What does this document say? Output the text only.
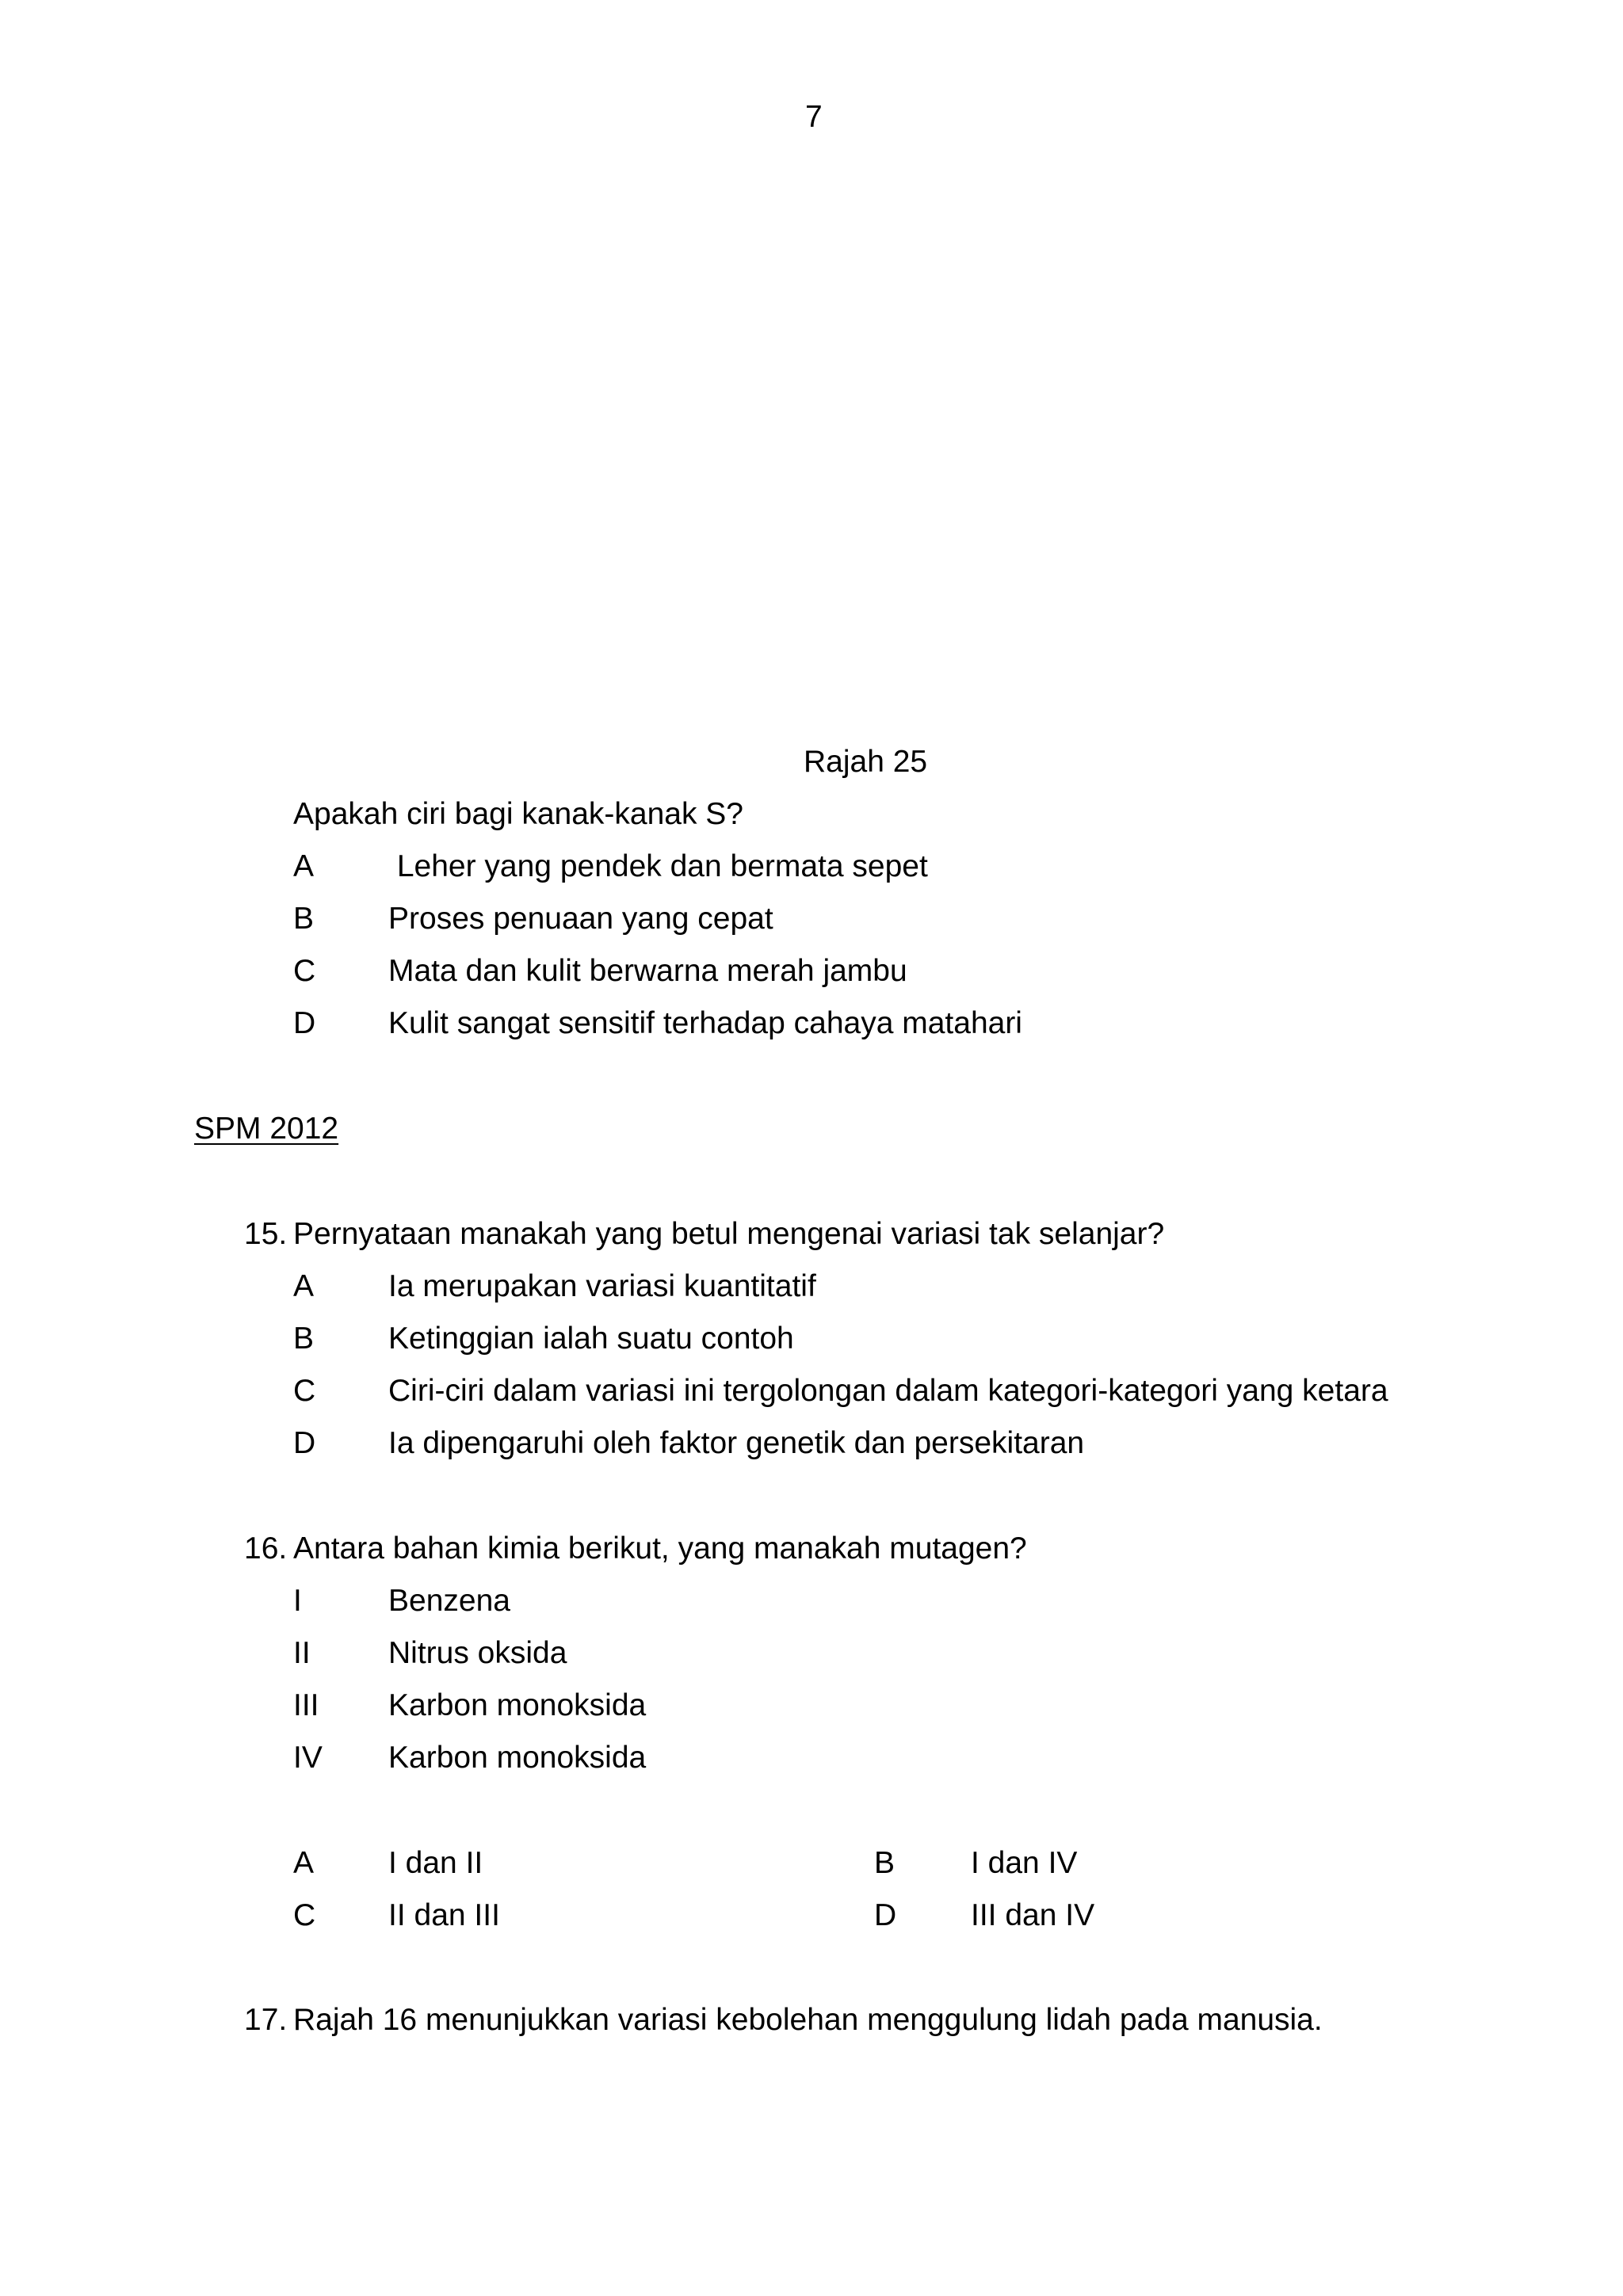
7
Rajah 25
Apakah ciri bagi kanak-kanak S?
A Leher yang pendek dan bermata sepet
B Proses penuaan yang cepat
C Mata dan kulit berwarna merah jambu
D Kulit sangat sensitif terhadap cahaya matahari
SPM 2012
15. Pernyataan manakah yang betul mengenai variasi tak selanjar?
A Ia merupakan variasi kuantitatif
B Ketinggian ialah suatu contoh
C Ciri-ciri dalam variasi ini tergolongan dalam kategori-kategori yang ketara
D Ia dipengaruhi oleh faktor genetik dan persekitaran
16. Antara bahan kimia berikut, yang manakah mutagen?
I	Benzena
II	Nitrus oksida
III Karbon monoksida
IV Karbon monoksida
A I dan II	B I dan IV
C II dan III	D III dan IV
17. Rajah 16 menunjukkan variasi kebolehan menggulung lidah pada manusia.
